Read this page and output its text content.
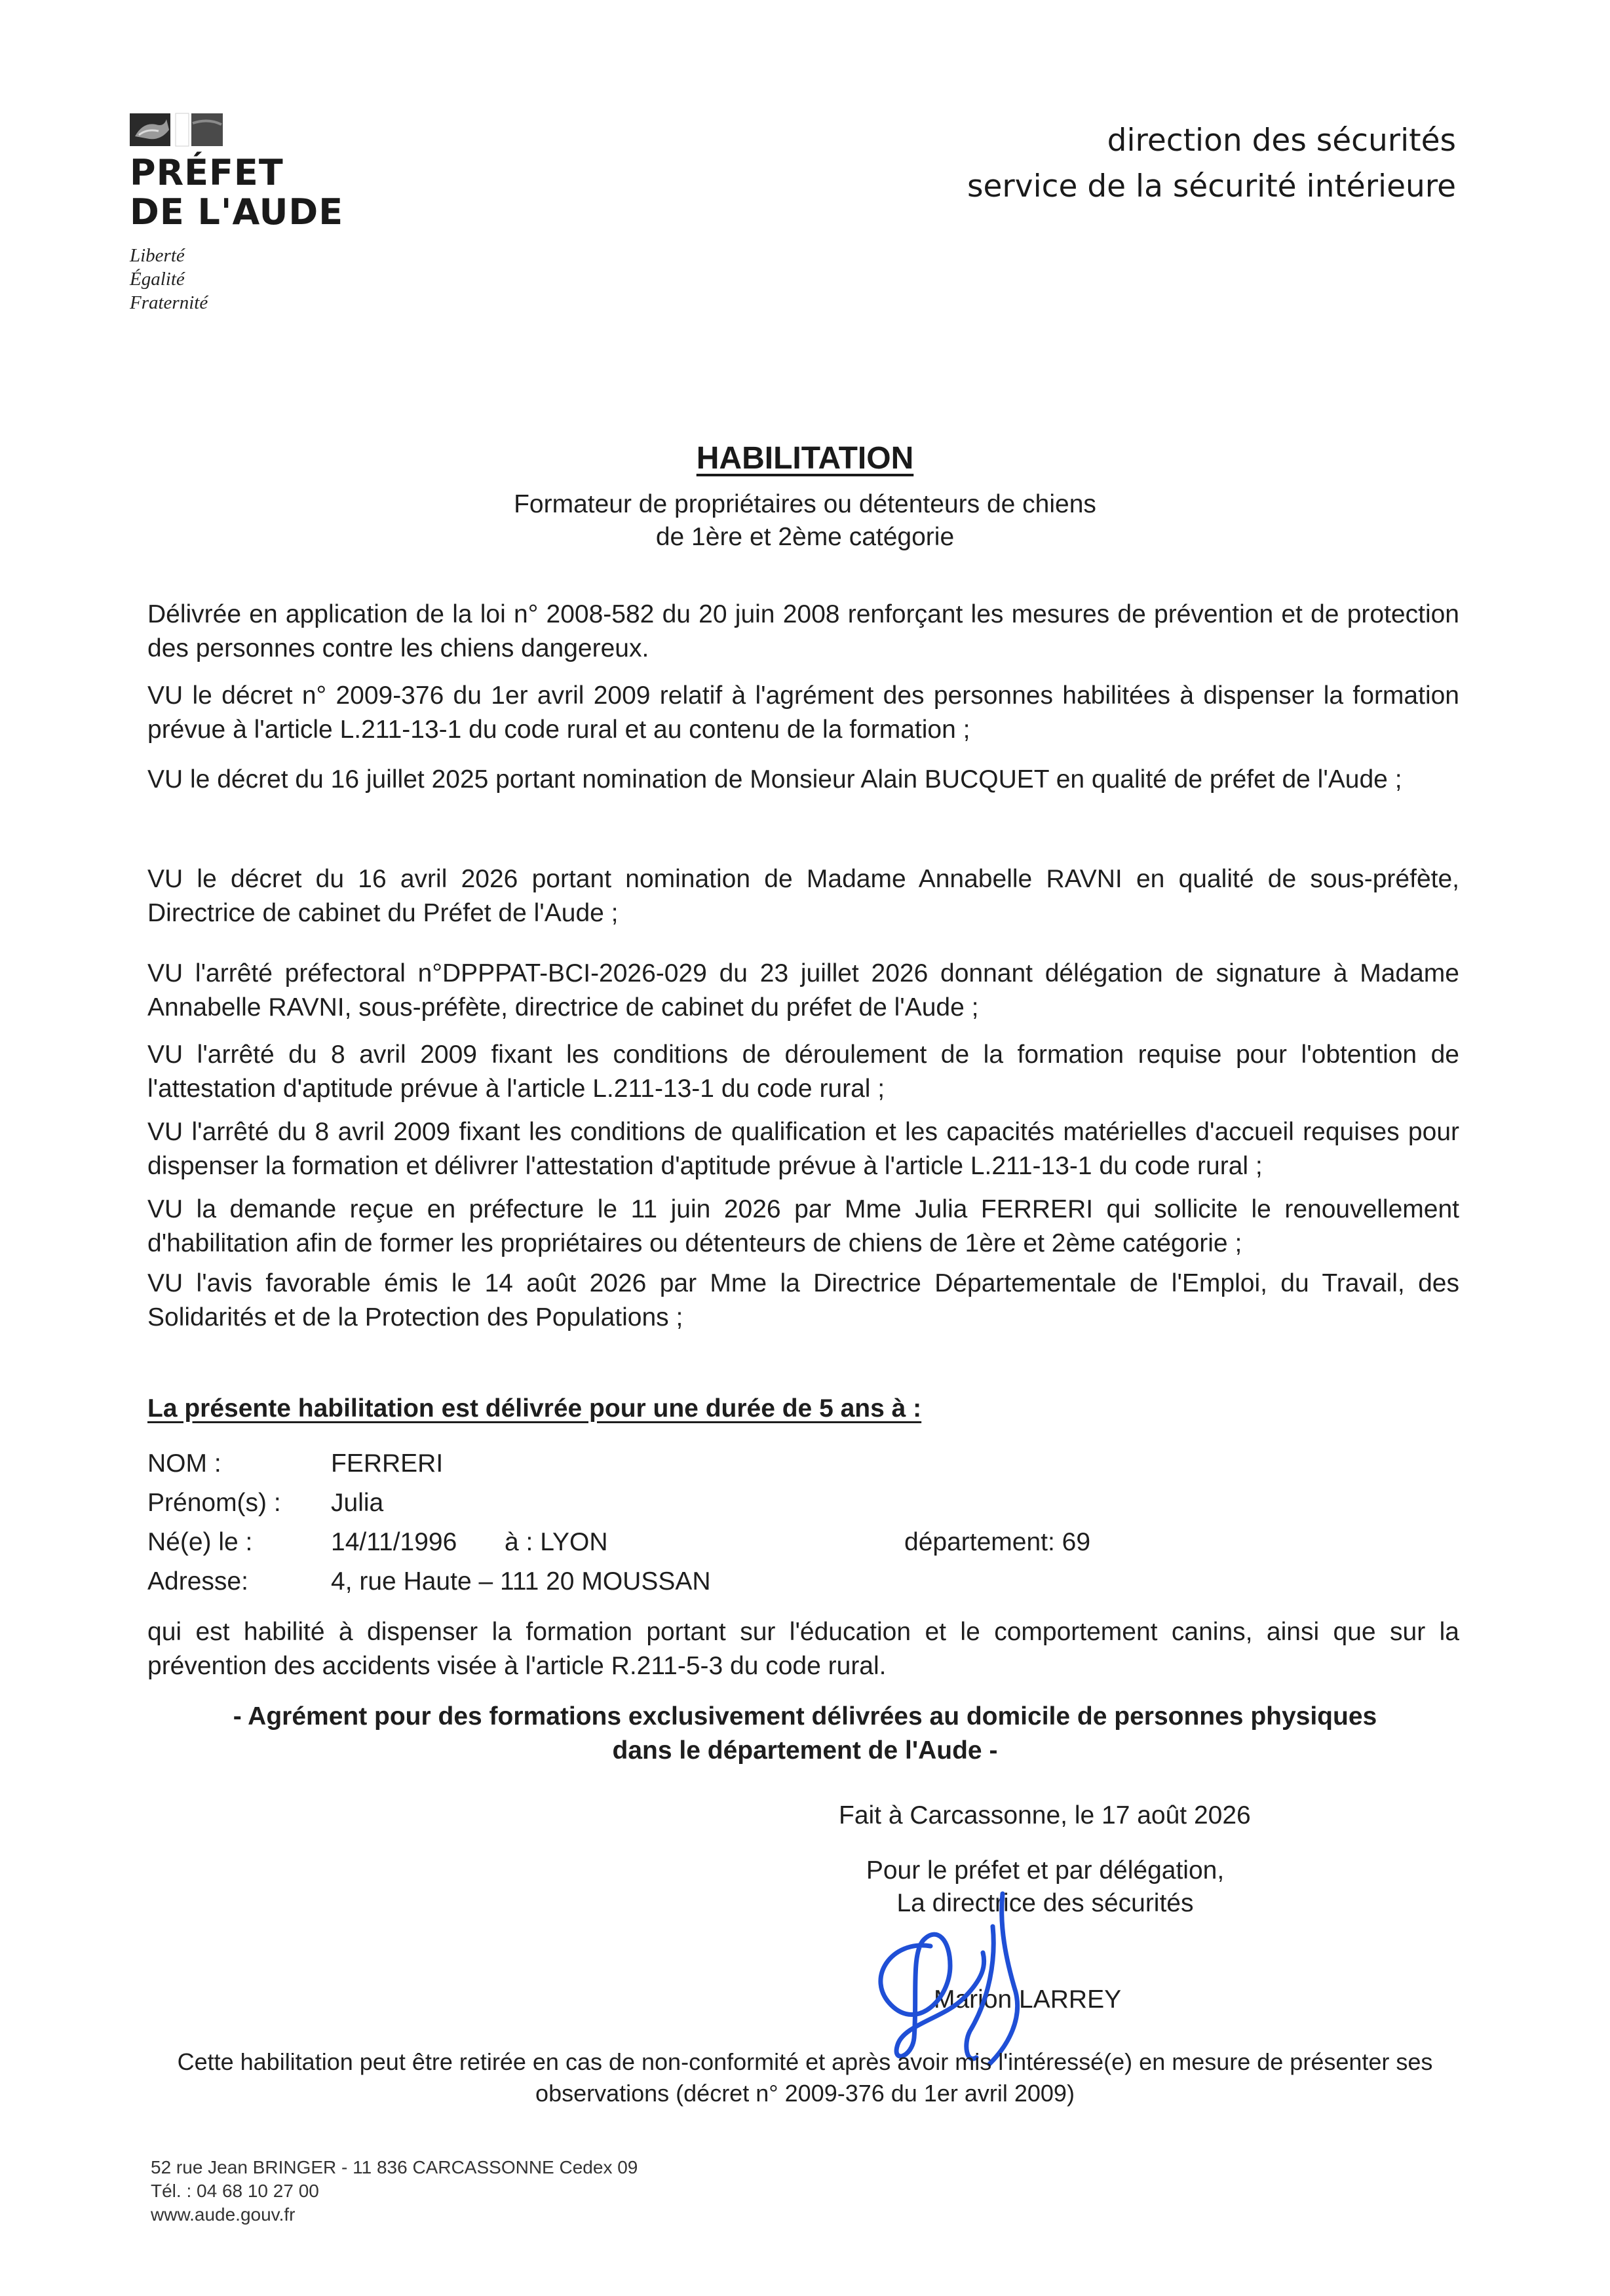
PRÉFET
DE L'AUDE
Liberté
Égalité
Fraternité
direction des sécurités
service de la sécurité intérieure
HABILITATION
Formateur de propriétaires ou détenteurs de chiens
de 1ère et 2ème catégorie

Délivrée en application de la loi n° 2008-582 du 20 juin 2008 renforçant les mesures de prévention et de protection des personnes contre les chiens dangereux.

VU le décret n° 2009-376 du 1er avril 2009 relatif à l'agrément des personnes habilitées à dispenser la formation prévue à l'article L.211-13-1 du code rural et au contenu de la formation ;

VU le décret du 16 juillet 2025 portant nomination de Monsieur Alain BUCQUET en qualité de préfet de l'Aude ;

VU le décret du 16 avril 2026 portant nomination de Madame Annabelle RAVNI en qualité de sous-préfète, Directrice de cabinet du Préfet de l'Aude ;

VU l'arrêté préfectoral n°DPPPAT-BCI-2026-029 du 23 juillet 2026 donnant délégation de signature à Madame Annabelle RAVNI, sous-préfète, directrice de cabinet du préfet de l'Aude ;

VU l'arrêté du 8 avril 2009 fixant les conditions de déroulement de la formation requise pour l'obtention de l'attestation d'aptitude prévue à l'article L.211-13-1 du code rural ;

VU l'arrêté du 8 avril 2009 fixant les conditions de qualification et les capacités matérielles d'accueil requises pour dispenser la formation et délivrer l'attestation d'aptitude prévue à l'article L.211-13-1 du code rural ;

VU la demande reçue en préfecture le 11 juin 2026 par Mme Julia FERRERI qui sollicite le renouvellement d'habilitation afin de former les propriétaires ou détenteurs de chiens de 1ère et 2ème catégorie ;

VU l'avis favorable émis le 14 août 2026 par Mme la Directrice Départementale de l'Emploi, du Travail, des Solidarités et de la Protection des Populations ;

La présente habilitation est délivrée pour une durée de 5 ans à :
NOM :	FERRERI
Prénom(s) : Julia
Né(e) le :	14/11/1996 à : LYON	département: 69
Adresse:	4, rue Haute – 111 20 MOUSSAN

qui est habilité à dispenser la formation portant sur l'éducation et le comportement canins, ainsi que sur la prévention des accidents visée à l'article R.211-5-3 du code rural.

- Agrément pour des formations exclusivement délivrées au domicile de personnes physiques
dans le département de l'Aude -
Fait à Carcassonne, le 17 août 2026
Pour le préfet et par délégation,
La directrice des sécurités
Marion LARREY
Cette habilitation peut être retirée en cas de non-conformité et après avoir mis l'intéressé(e) en mesure de présenter ses
observations (décret n° 2009-376 du 1er avril 2009)
52 rue Jean BRINGER - 11 836 CARCASSONNE Cedex 09
Tél. : 04 68 10 27 00
www.aude.gouv.fr
